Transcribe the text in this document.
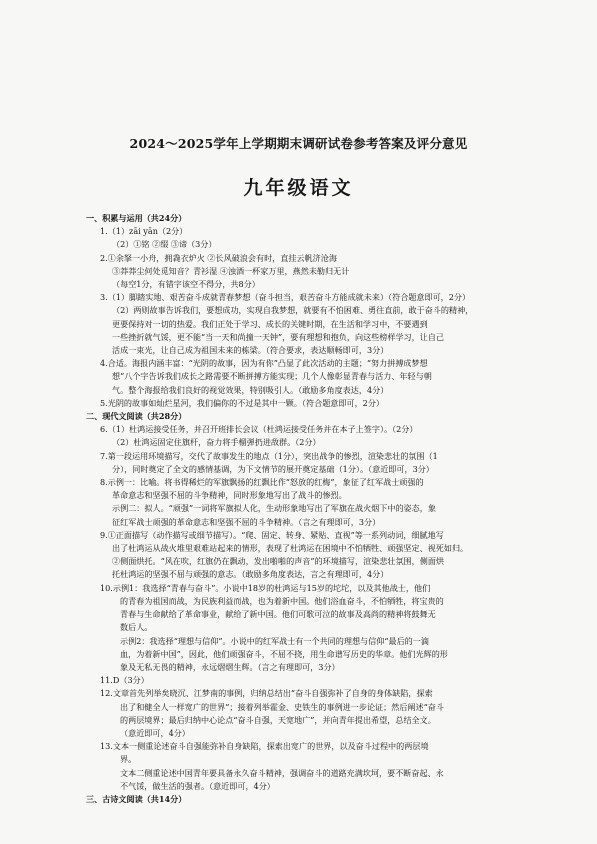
2024～2025学年上学期期末调研试卷参考答案及评分意见
九年级语文
一、积累与运用（共24分）
1.（1）zāi yān（2分）
（2）①铭 ②缀 ③谛（3分）
2.①余拏一小舟，拥毳衣炉火 ②长风破浪会有时，直挂云帆济沧海
③莽莽尘何处觅知音？青衫湿 ④浊酒一杯家万里，燕然未勒归无计
（每空1分，有错字该空不得分，共8分）
3.（1）脚踏实地、艰苦奋斗成就青春梦想（奋斗担当，艰苦奋斗方能成就未来）（符合题意即可，2分）
（2）两则故事告诉我们，要想成功，实现自我梦想，就要有不怕困难、勇往直前，敢于奋斗的精神，
更要保持对一切的热爱。我们正处于学习、成长的关键时期，在生活和学习中，不要遇到
一些挫折就气馁，更不能“当一天和尚撞一天钟”，要有理想和抱负，向这些榜样学习，让自己
活成一束光，让自己成为祖国未来的栋梁。（符合要求，表达顺畅即可，3分）
4.合适。海报内涵丰富：“光阴的故事，因为有你”凸显了此次活动的主题；“努力拼搏成梦想
想”八个字告诉我们成长之路需要不断拼搏方能实现；几个人像彰显青春与活力、年轻与朝
气。整个海报给我们良好的视觉效果，特别吸引人。（敢励多角度表达，4分）
5.光阴的故事如灿烂星河，我们偏你的不过是其中一颗。（符合题意即可，2分）
二、现代文阅读（共28分）
6.（1）杜鸿运接受任务，并召开班排长会议（杜鸿运接受任务并在本子上签字）。（2分）
（2）杜鸿运固定住旗杆，奋力将手榴弹扔进敌群。（2分）
7.第一段运用环境描写，交代了故事发生的地点（1分），突出战争的惨烈，渲染悲壮的氛围（1
分），同时奠定了全文的感情基调，为下文情节的展开奠定基础（1分）。（意近即可，3分）
8.示例一：比喻。将书得稀烂的军旗飘扬的红飘比作“怒放的红梅”，象征了红军战士顽强的
革命意志和坚强不屈的斗争精神，同时形象地写出了战斗的惨烈。
示例二：拟人。“顽强”一词将军旗拟人化，生动形象地写出了军旗在战火烟下中的姿态，象
征红军战士顽强的革命意志和坚强不屈的斗争精神。（言之有理即可，3分）
9.①正面描写（动作描写或细节描写）。“爬、固定、转身、紧贴、直视”等一系列动词，细腻地写
出了杜鸿运从战火堆里艰难站起来的情形，表现了杜鸿运在困境中不怕牺牲、顽强坚定、视死如归。
②侧面烘托。“风在吹，红旗仍在飘动，发出啪啪的声音”的环境描写，渲染悲壮氛围，侧面烘
托杜鸿运的坚强不屈与顽强的意志。（敢励多角度表达，言之有理即可，4分）
10.示例1：我选择“青春与奋斗”。小说中18岁的杜鸿运与15岁的坨坨，以及其他战士，他们
的青春为祖国而战，为民族利益而战，也为着新中国。他们浴血奋斗，不怕牺牲，将宝贵的
青春与生命献给了革命事业，献给了新中国。他们可歌可泣的故事及高尚的精神将鼓舞无
数后人。
示例2：我选择“理想与信仰”。小说中的红军战士有一个共同的理想与信仰“最后的一滴
血，为着新中国”，因此，他们顽强奋斗，不屈不挠，用生命谱写历史的华章。他们光辉的形
象及无私无畏的精神，永远熠熠生辉。（言之有理即可，3分）
11.D（3分）
12.文章首先列举矣晓沉、江梦南的事例，归纳总结出“奋斗自强弥补了自身的身体缺陷，探索
出了和健全人一样宽广的世界”；接着列举霍金、史铁生的事例进一步论证；然后阐述“奋斗
的两层境界；最后归纳中心论点“奋斗自强，天宽地广”，并向青年提出希望，总结全文。
（意近即可，4分）
13.文本一侧重论述奋斗自强能弥补自身缺陷，探索出宽广的世界，以及奋斗过程中的两层境
界。
文本二侧重论述中国青年要具备永久奋斗精神，强调奋斗的道路充满坎坷，要不断奋起、永
不气馁，做生活的强者。（意近即可，4分）
三、古诗文阅读（共14分）
